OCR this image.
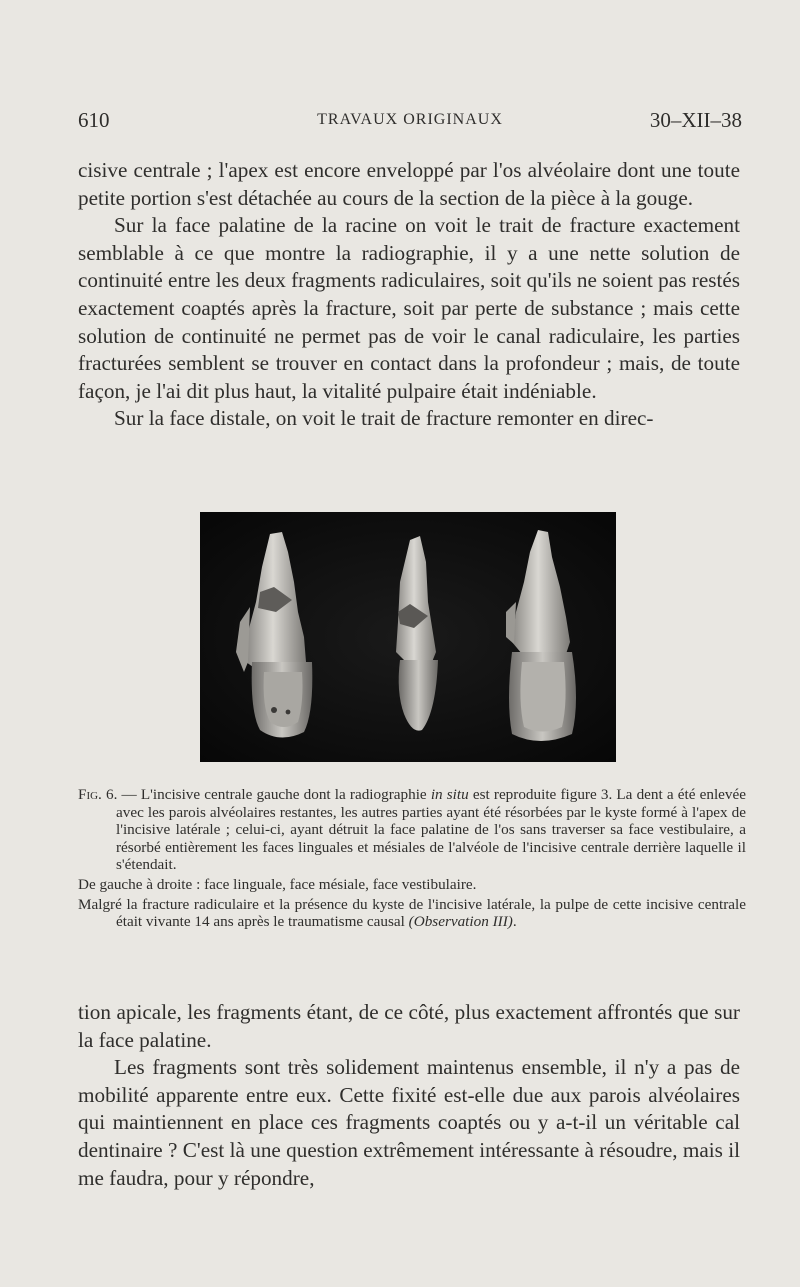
610	TRAVAUX ORIGINAUX	30–XII–38

cisive centrale ; l'apex est encore enveloppé par l'os alvéolaire dont une toute petite portion s'est détachée au cours de la section de la pièce à la gouge.

Sur la face palatine de la racine on voit le trait de fracture exactement semblable à ce que montre la radiographie, il y a une nette solution de continuité entre les deux fragments radiculaires, soit qu'ils ne soient pas restés exactement coaptés après la fracture, soit par perte de substance ; mais cette solution de continuité ne permet pas de voir le canal radiculaire, les parties fracturées semblent se trouver en contact dans la profondeur ; mais, de toute façon, je l'ai dit plus haut, la vitalité pulpaire était indéniable.

Sur la face distale, on voit le trait de fracture remonter en direc-

Fig. 6. — L'incisive centrale gauche dont la radiographie in situ est reproduite figure 3. La dent a été enlevée avec les parois alvéolaires restantes, les autres parties ayant été résorbées par le kyste formé à l'apex de l'incisive latérale ; celui-ci, ayant détruit la face palatine de l'os sans traverser sa face vestibulaire, a résorbé entièrement les faces linguales et mésiales de l'alvéole de l'incisive centrale derrière laquelle il s'étendait.

De gauche à droite : face linguale, face mésiale, face vestibulaire.

Malgré la fracture radiculaire et la présence du kyste de l'incisive latérale, la pulpe de cette incisive centrale était vivante 14 ans après le traumatisme causal (Observation III).

tion apicale, les fragments étant, de ce côté, plus exactement affrontés que sur la face palatine.

Les fragments sont très solidement maintenus ensemble, il n'y a pas de mobilité apparente entre eux. Cette fixité est-elle due aux parois alvéolaires qui maintiennent en place ces fragments coaptés ou y a-t-il un véritable cal dentinaire ? C'est là une question extrêmement intéressante à résoudre, mais il me faudra, pour y répondre,
